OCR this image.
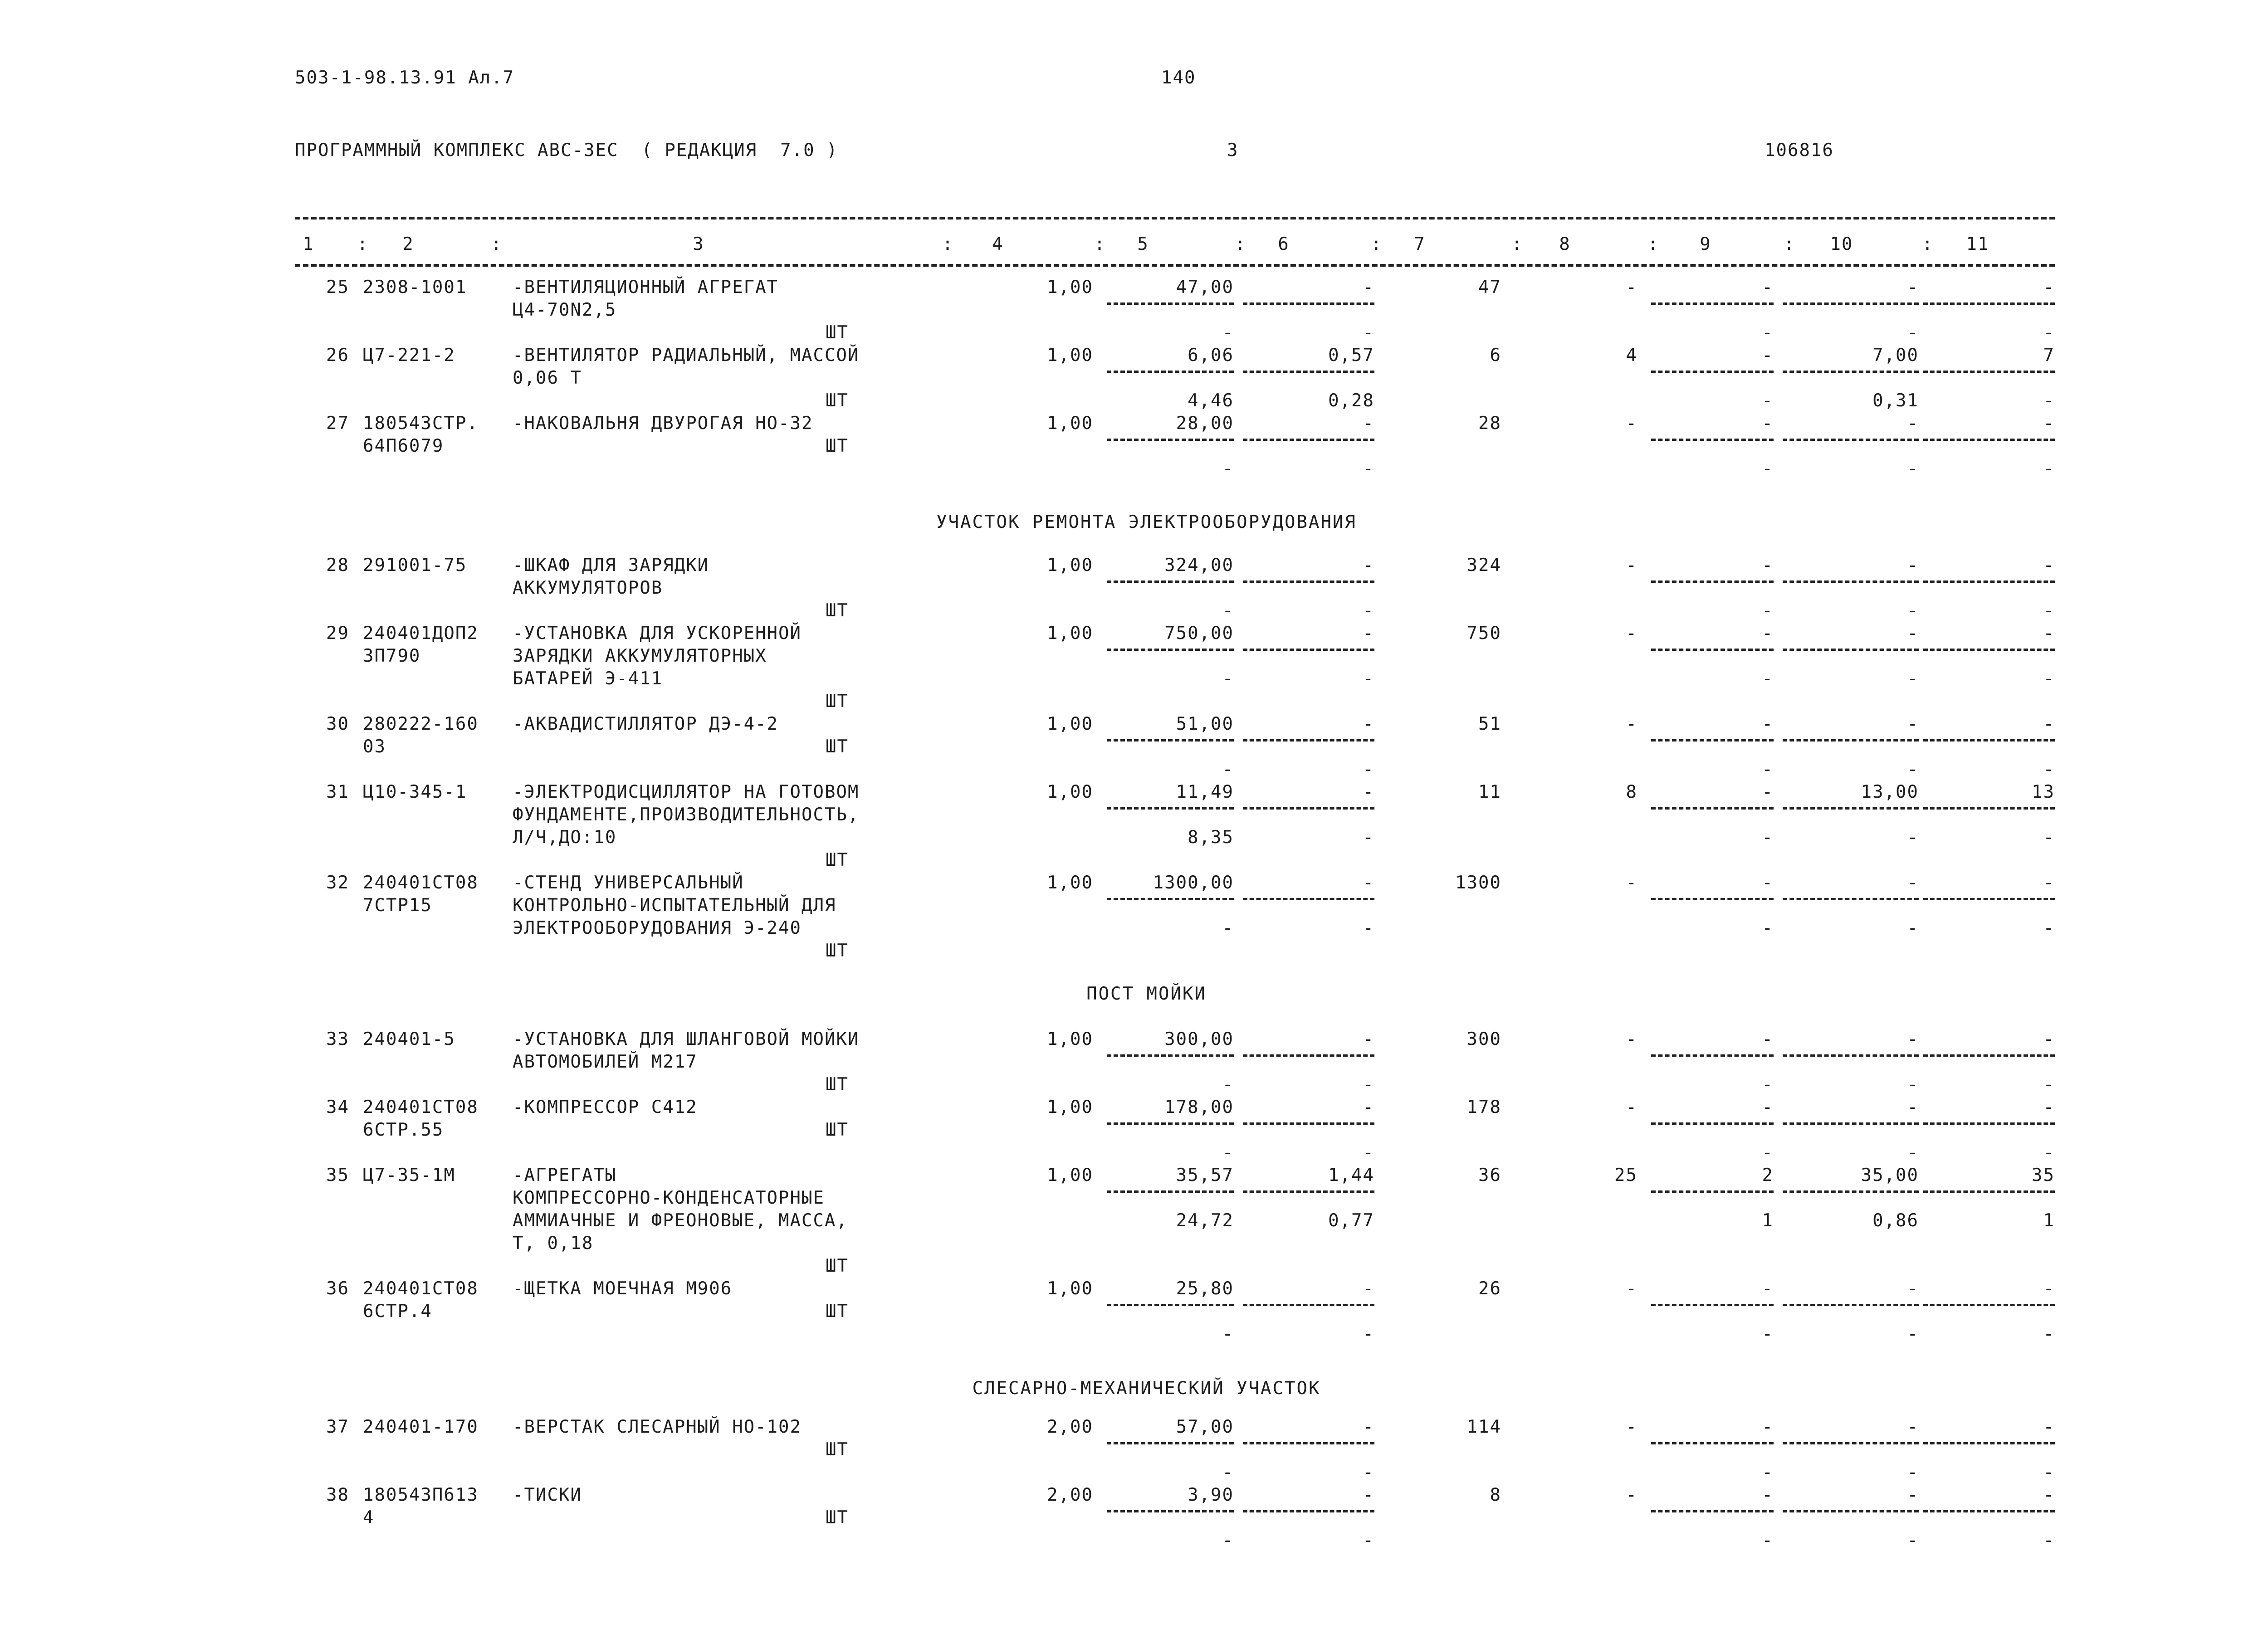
503-1-98.13.91 Ал.7	140
ПРОГРАММНЫЙ КОМПЛЕКС АВС-3ЕС  ( РЕДАКЦИЯ  7.0 )	3	106816
1	:	2	:	3	:	4	:	5	:	6	:	7	:	8	:	9	:	10	:	11
УЧАСТОК РЕМОНТА ЭЛЕКТРООБОРУДОВАНИЯ
ПОСТ МОЙКИ
СЛЕСАРНО-МЕХАНИЧЕСКИЙ УЧАСТОК
25 2308-1001	-ВЕНТИЛЯЦИОННЫЙ АГРЕГАТ
Ц4-70N2,5
ШТ
1,00	47,00	-	47	-	-	-	-
-	-	-	-	-
26 Ц7-221-2	-ВЕНТИЛЯТОР РАДИАЛЬНЫЙ, МАССОЙ
0,06 Т
ШТ
1,00	6,06	0,57	6	4	-	7,00	7
4,46	0,28	-	0,31	-
27 180543СТР.
64П6079
-НАКОВАЛЬНЯ ДВУРОГАЯ НО-32
ШТ
1,00	28,00	-	28	-	-	-	-
-	-	-	-	-
28 291001-75	-ШКАФ ДЛЯ ЗАРЯДКИ
АККУМУЛЯТОРОВ
ШТ
1,00	324,00	-	324	-	-	-	-
-	-	-	-	-
29 240401ДОП2
3П790
-УСТАНОВКА ДЛЯ УСКОРЕННОЙ
ЗАРЯДКИ АККУМУЛЯТОРНЫХ
БАТАРЕЙ Э-411
ШТ
1,00	750,00	-	750	-	-	-	-
-	-	-	-	-
30 280222-160
03
-АКВАДИСТИЛЛЯТОР ДЭ-4-2
ШТ
1,00	51,00	-	51	-	-	-	-
-	-	-	-	-
31 Ц10-345-1	-ЭЛЕКТРОДИСЦИЛЛЯТОР НА ГОТОВОМ
ФУНДАМЕНТЕ,ПРОИЗВОДИТЕЛЬНОСТЬ,
Л/Ч,ДО:10
ШТ
1,00	11,49	-	11	8	-	13,00	13
8,35	-	-	-	-
32 240401СТ08
7СТР15
-СТЕНД УНИВЕРСАЛЬНЫЙ
КОНТРОЛЬНО-ИСПЫТАТЕЛЬНЫЙ ДЛЯ
ЭЛЕКТРООБОРУДОВАНИЯ Э-240
ШТ
1,00	1300,00	-	1300	-	-	-	-
-	-	-	-	-
33 240401-5	-УСТАНОВКА ДЛЯ ШЛАНГОВОЙ МОЙКИ
АВТОМОБИЛЕЙ М217
ШТ
1,00	300,00	-	300	-	-	-	-
-	-	-	-	-
34 240401СТ08
6СТР.55
-КОМПРЕССОР С412
ШТ
1,00	178,00	-	178	-	-	-	-
-	-	-	-	-
35 Ц7-35-1М	-АГРЕГАТЫ
КОМПРЕССОРНО-КОНДЕНСАТОРНЫЕ
АММИАЧНЫЕ И ФРЕОНОВЫЕ, МАССА,
Т, 0,18
ШТ
1,00	35,57	1,44	36	25	2	35,00	35
24,72	0,77	1	0,86	1
36 240401СТ08
6СТР.4
-ЩЕТКА МОЕЧНАЯ М906
ШТ
1,00	25,80	-	26	-	-	-	-
-	-	-	-	-
37 240401-170 -ВЕРСТАК СЛЕСАРНЫЙ НО-102
ШТ
2,00	57,00	-	114	-	-	-	-
-	-	-	-	-
38 180543П613
4
-ТИСКИ
ШТ
2,00	3,90	-	8	-	-	-	-
-	-	-	-	-
